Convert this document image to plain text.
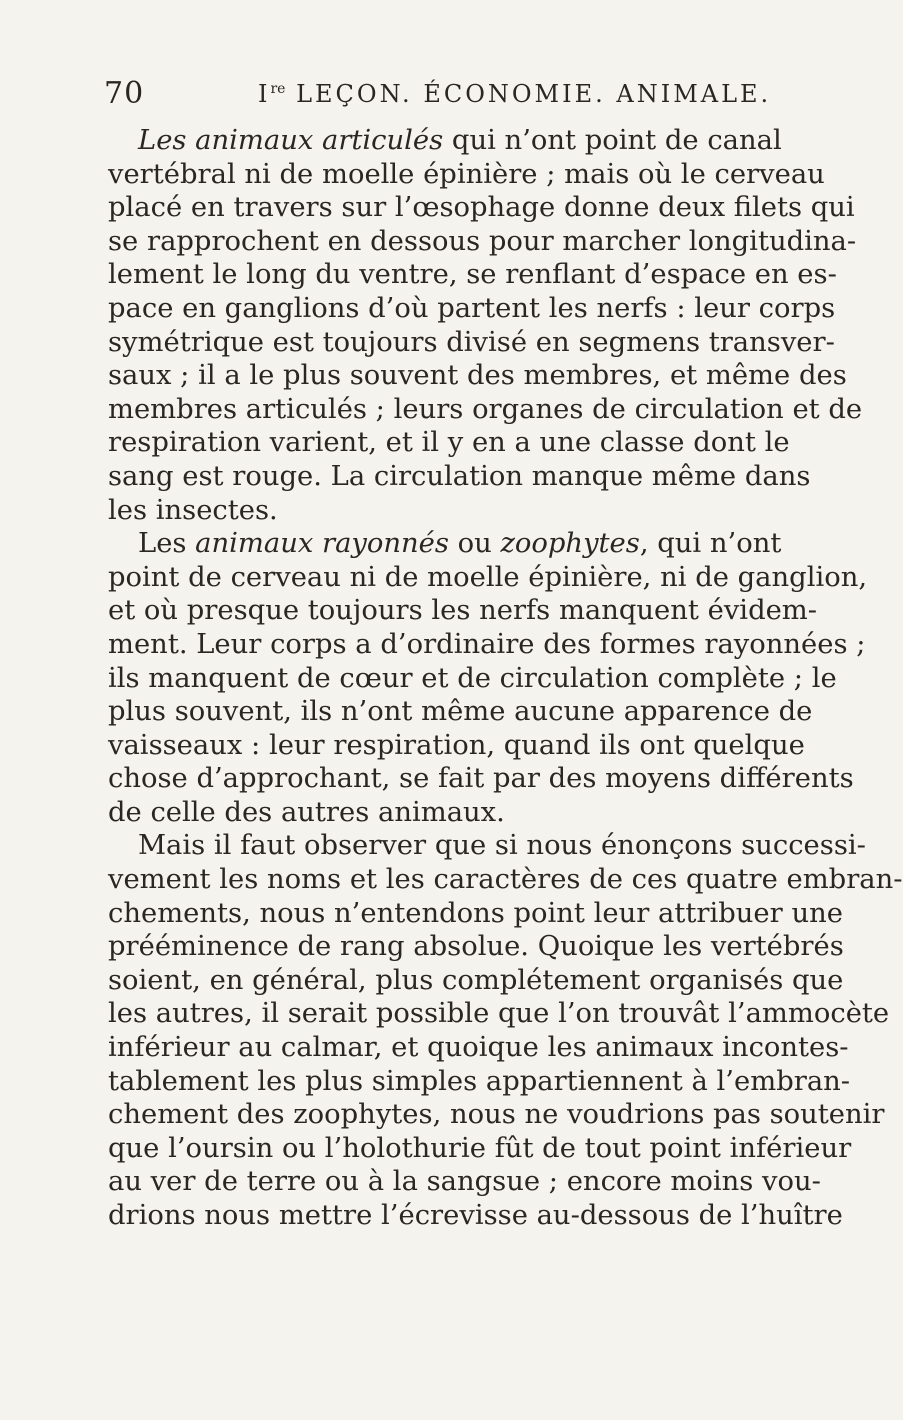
70	Ire LEÇON. ÉCONOMIE. ANIMALE.
Les animaux articulés qui n’ont point de canal
vertébral ni de moelle épinière ; mais où le cerveau
placé en travers sur l’œsophage donne deux filets qui
se rapprochent en dessous pour marcher longitudina-
lement le long du ventre, se renflant d’espace en es-
pace en ganglions d’où partent les nerfs : leur corps
symétrique est toujours divisé en segmens transver-
saux ; il a le plus souvent des membres, et même des
membres articulés ; leurs organes de circulation et de
respiration varient, et il y en a une classe dont le
sang est rouge. La circulation manque même dans
les insectes.
Les animaux rayonnés ou zoophytes, qui n’ont
point de cerveau ni de moelle épinière, ni de ganglion,
et où presque toujours les nerfs manquent évidem-
ment. Leur corps a d’ordinaire des formes rayonnées ;
ils manquent de cœur et de circulation complète ; le
plus souvent, ils n’ont même aucune apparence de
vaisseaux : leur respiration, quand ils ont quelque
chose d’approchant, se fait par des moyens différents
de celle des autres animaux.
Mais il faut observer que si nous énonçons successi-
vement les noms et les caractères de ces quatre embran-
chements, nous n’entendons point leur attribuer une
prééminence de rang absolue. Quoique les vertébrés
soient, en général, plus complétement organisés que
les autres, il serait possible que l’on trouvât l’ammocète
inférieur au calmar, et quoique les animaux incontes-
tablement les plus simples appartiennent à l’embran-
chement des zoophytes, nous ne voudrions pas soutenir
que l’oursin ou l’holothurie fût de tout point inférieur
au ver de terre ou à la sangsue ; encore moins vou-
drions nous mettre l’écrevisse au-dessous de l’huître
